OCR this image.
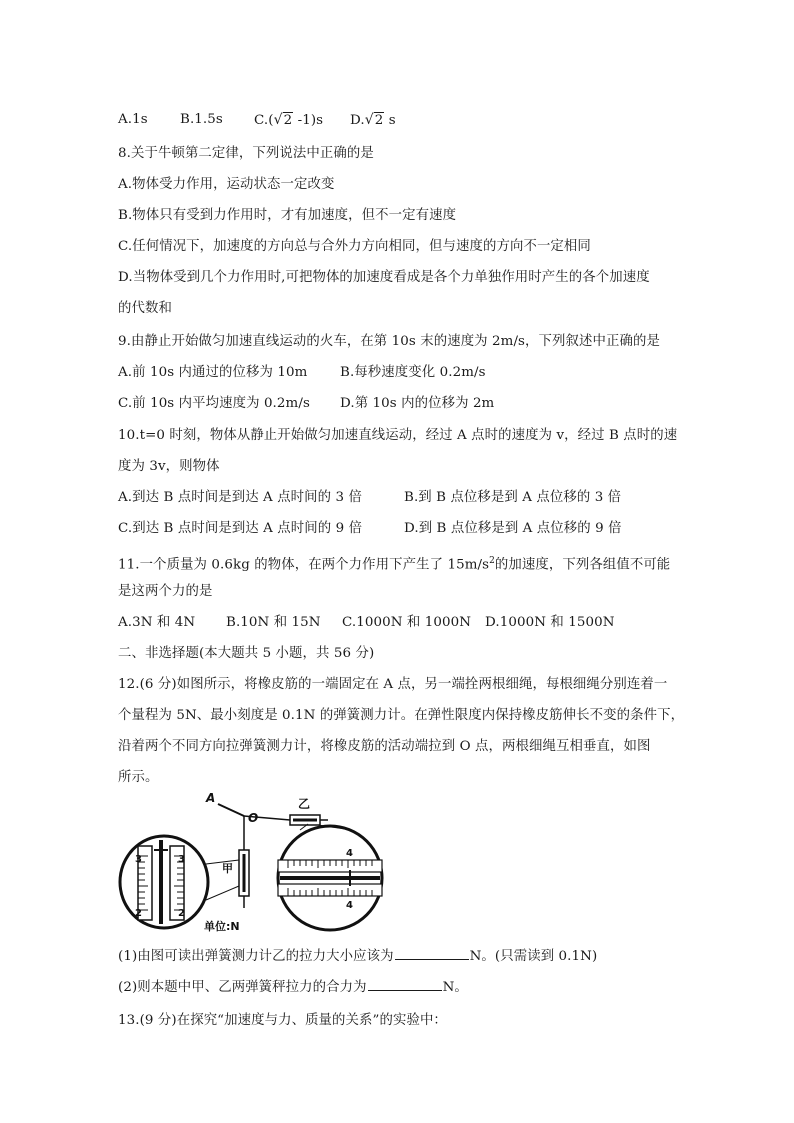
A.1s B.1.5s C.(√2 -1)s D.√2 s
8.关于牛顿第二定律，下列说法中正确的是
A.物体受力作用，运动状态一定改变
B.物体只有受到力作用时，才有加速度，但不一定有速度
C.任何情况下，加速度的方向总与合外力方向相同，但与速度的方向不一定相同
D.当物体受到几个力作用时,可把物体的加速度看成是各个力单独作用时产生的各个加速度
的代数和
9.由静止开始做匀加速直线运动的火车，在第 10s 末的速度为 2m/s，下列叙述中正确的是
A.前 10s 内通过的位移为 10m B.每秒速度变化 0.2m/s
C.前 10s 内平均速度为 0.2m/s D.第 10s 内的位移为 2m
10.t=0 时刻，物体从静止开始做匀加速直线运动，经过 A 点时的速度为 v，经过 B 点时的速
度为 3v，则物体
A.到达 B 点时间是到达 A 点时间的 3 倍	B.到 B 点位移是到 A 点位移的 3 倍
C.到达 B 点时间是到达 A 点时间的 9 倍	D.到 B 点位移是到 A 点位移的 9 倍
11.一个质量为 0.6kg 的物体，在两个力作用下产生了 $15m/s^2$的加速度，下列各组值不可能
是这两个力的是
A.3N 和 4N B.10N 和 15N C.1000N 和 1000N D.1000N 和 1500N
二、非选择题(本大题共 5 小题，共 56 分)
12.(6 分)如图所示，将橡皮筋的一端固定在 A 点，另一端拴两根细绳，每根细绳分别连着一
个量程为 5N、最小刻度是 0.1N 的弹簧测力计。在弹性限度内保持橡皮筋伸长不变的条件下，
沿着两个不同方向拉弹簧测力计，将橡皮筋的活动端拉到 O 点，两根细绳互相垂直，如图
所示。
A
O
乙
甲
单位:N
3
2
3
2
4
4
(1)由图可读出弹簧测力计乙的拉力大小应该为	N。(只需读到 0.1N)
(2)则本题中甲、乙两弹簧秤拉力的合力为	N。
13.(9 分)在探究“加速度与力、质量的关系”的实验中：
